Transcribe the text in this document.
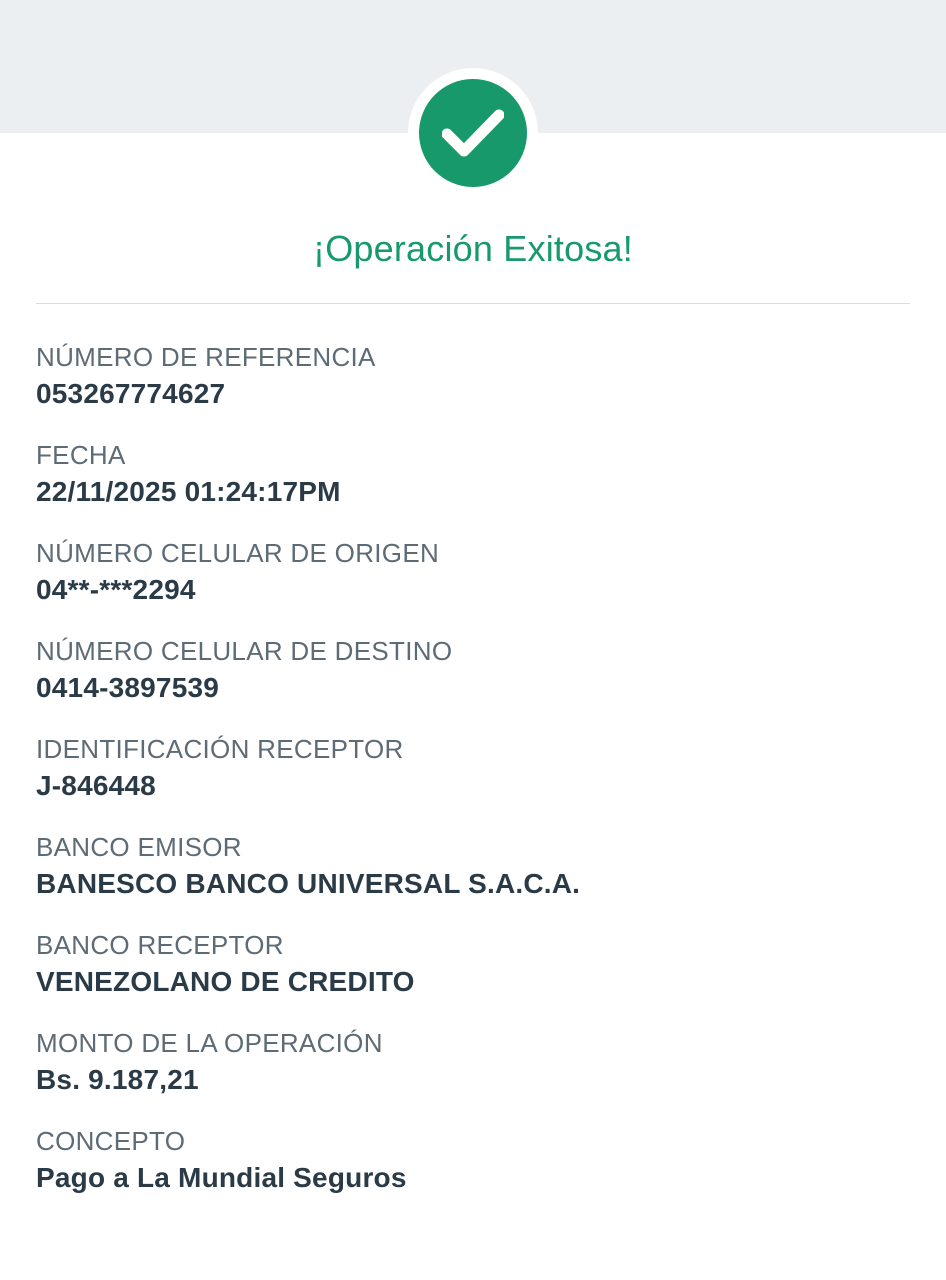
¡Operación Exitosa!
NÚMERO DE REFERENCIA
053267774627
FECHA
22/11/2025 01:24:17PM
NÚMERO CELULAR DE ORIGEN
04**-***2294
NÚMERO CELULAR DE DESTINO
0414-3897539
IDENTIFICACIÓN RECEPTOR
J-846448
BANCO EMISOR
BANESCO BANCO UNIVERSAL S.A.C.A.
BANCO RECEPTOR
VENEZOLANO DE CREDITO
MONTO DE LA OPERACIÓN
Bs. 9.187,21
CONCEPTO
Pago a La Mundial Seguros
